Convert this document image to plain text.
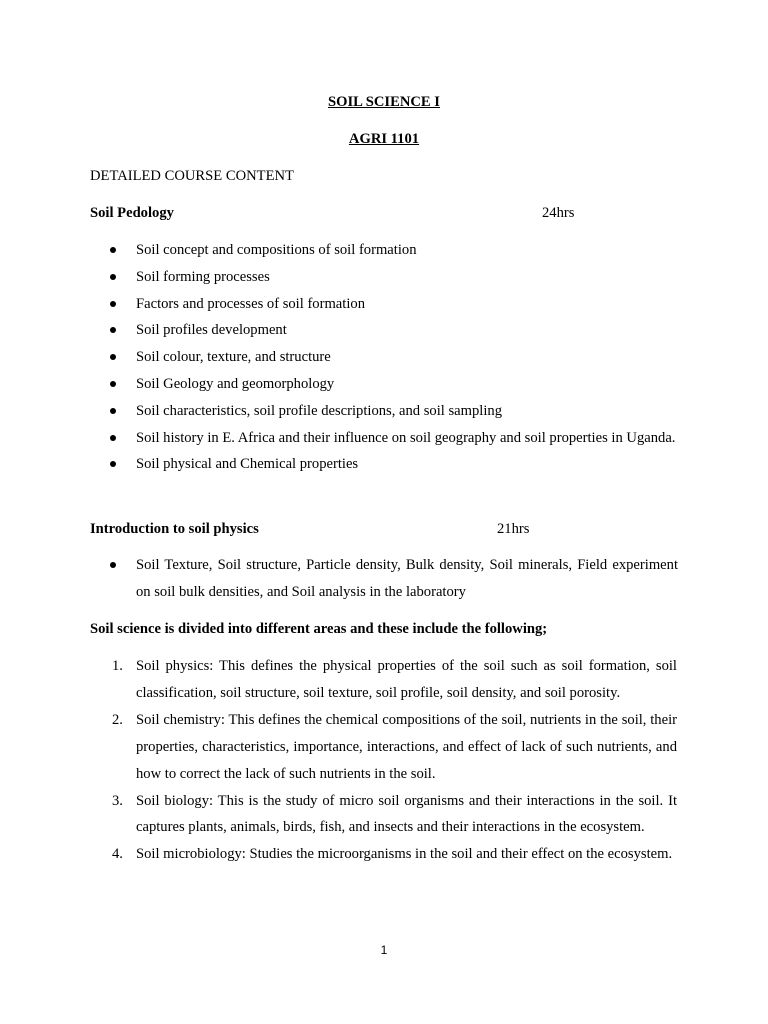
SOIL SCIENCE I
AGRI 1101
DETAILED COURSE CONTENT
Soil Pedology	24hrs
Soil concept and compositions of soil formation
Soil forming processes
Factors and processes of soil formation
Soil profiles development
Soil colour, texture, and structure
Soil Geology and geomorphology
Soil characteristics, soil profile descriptions, and soil sampling
Soil history in E. Africa and their influence on soil geography and soil properties in Uganda.
Soil physical and Chemical properties
Introduction to soil physics	21hrs
Soil Texture, Soil structure, Particle density, Bulk density, Soil minerals, Field experiment on soil bulk densities, and Soil analysis in the laboratory
Soil science is divided into different areas and these include the following;
1. Soil physics: This defines the physical properties of the soil such as soil formation, soil classification, soil structure, soil texture, soil profile, soil density, and soil porosity.
2. Soil chemistry: This defines the chemical compositions of the soil, nutrients in the soil, their properties, characteristics, importance, interactions, and effect of lack of such nutrients, and how to correct the lack of such nutrients in the soil.
3. Soil biology: This is the study of micro soil organisms and their interactions in the soil. It captures plants, animals, birds, fish, and insects and their interactions in the ecosystem.
4. Soil microbiology: Studies the microorganisms in the soil and their effect on the ecosystem.
1
